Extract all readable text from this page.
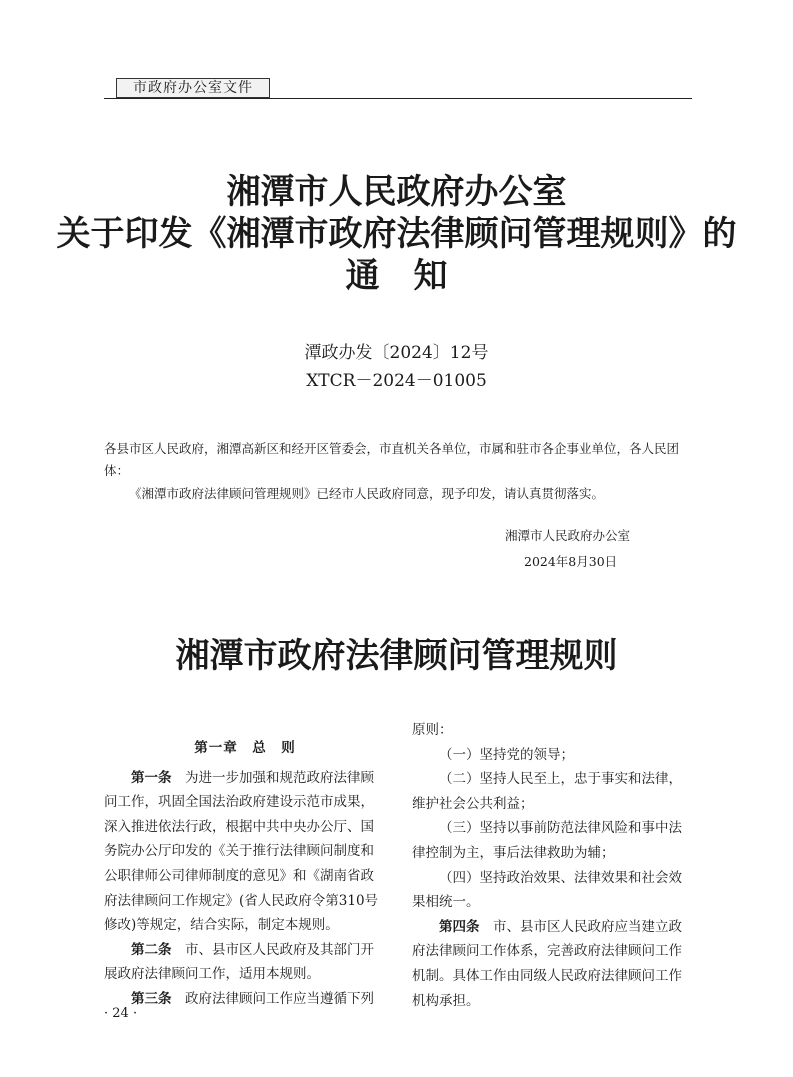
市政府办公室文件
湘潭市人民政府办公室
关于印发《湘潭市政府法律顾问管理规则》的
通　知
潭政办发〔2024〕12号
XTCR－2024－01005
各县市区人民政府，湘潭高新区和经开区管委会，市直机关各单位，市属和驻市各企事业单位，各人民团体：
《湘潭市政府法律顾问管理规则》已经市人民政府同意，现予印发，请认真贯彻落实。
湘潭市人民政府办公室
2024年8月30日
湘潭市政府法律顾问管理规则

第一章　总　则

第一条　为进一步加强和规范政府法律顾问工作，巩固全国法治政府建设示范市成果，深入推进依法行政，根据中共中央办公厅、国务院办公厅印发的《关于推行法律顾问制度和公职律师公司律师制度的意见》和《湖南省政府法律顾问工作规定》(省人民政府令第310号修改)等规定，结合实际，制定本规则。

第二条　市、县市区人民政府及其部门开展政府法律顾问工作，适用本规则。

第三条　政府法律顾问工作应当遵循下列

原则：

（一）坚持党的领导；

（二）坚持人民至上，忠于事实和法律，维护社会公共利益；

（三）坚持以事前防范法律风险和事中法律控制为主，事后法律救助为辅；

（四）坚持政治效果、法律效果和社会效果相统一。

第四条　市、县市区人民政府应当建立政府法律顾问工作体系，完善政府法律顾问工作机制。具体工作由同级人民政府法律顾问工作机构承担。

· 24 ·
